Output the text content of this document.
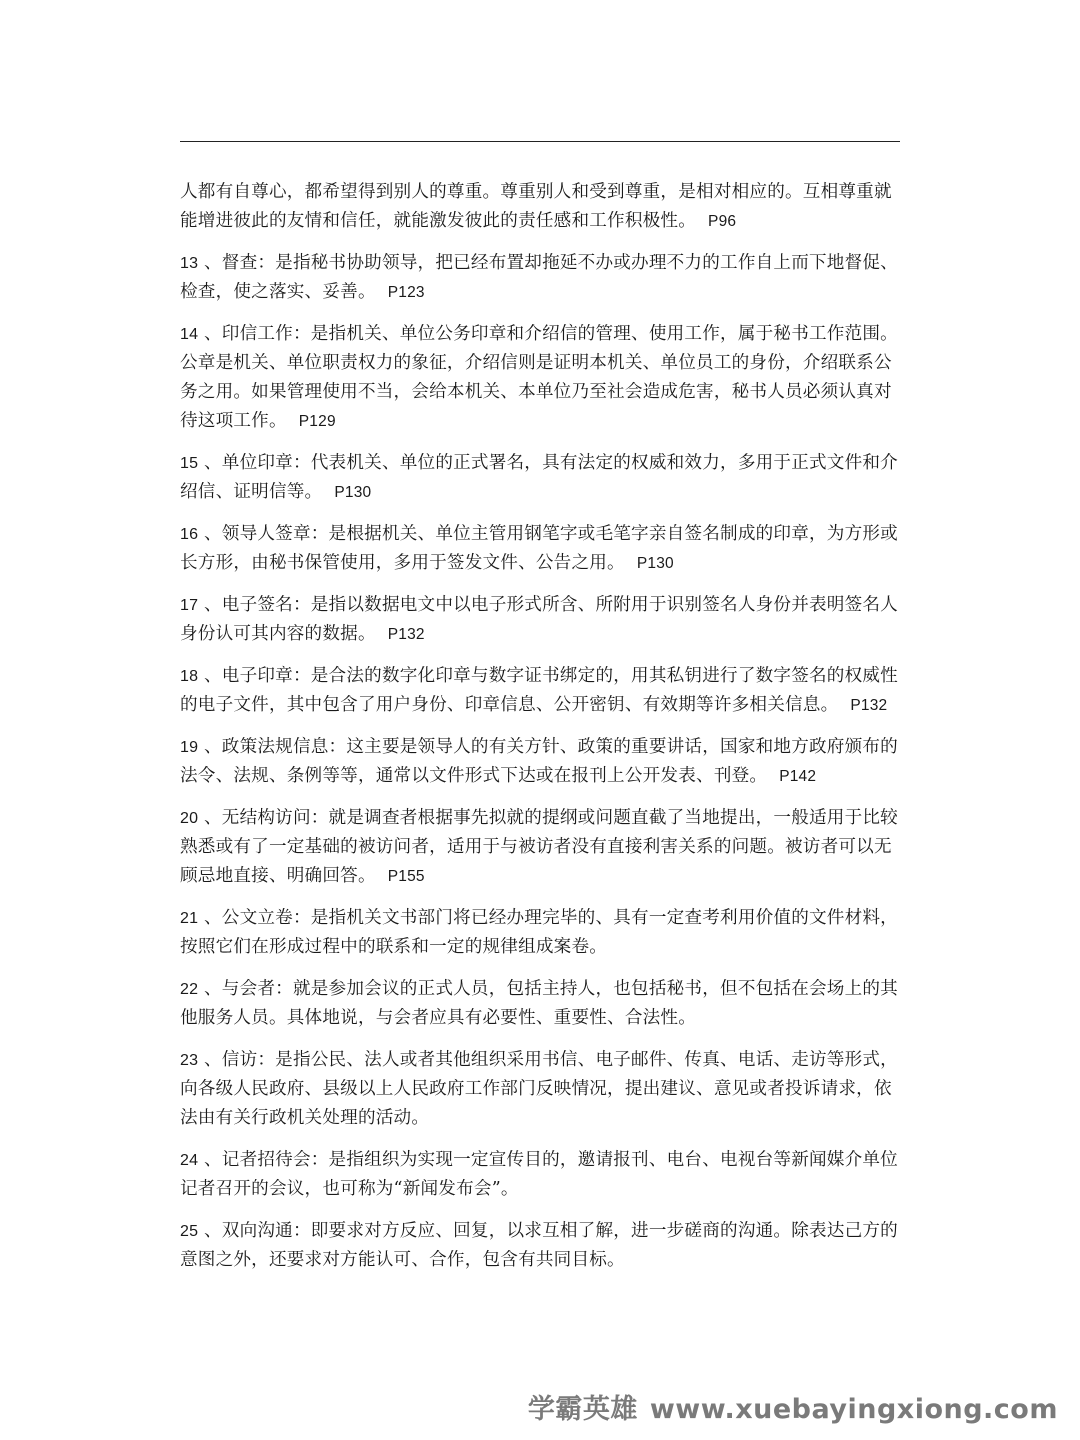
人都有自尊心，都希望得到别人的尊重。尊重别人和受到尊重，是相对相应的。互相尊重就能增进彼此的友情和信任，就能激发彼此的责任感和工作积极性。 P96

13 、督查：是指秘书协助领导，把已经布置却拖延不办或办理不力的工作自上而下地督促、检查，使之落实、妥善。 P123

14 、印信工作：是指机关、单位公务印章和介绍信的管理、使用工作，属于秘书工作范围。公章是机关、单位职责权力的象征，介绍信则是证明本机关、单位员工的身份，介绍联系公务之用。如果管理使用不当，会给本机关、本单位乃至社会造成危害，秘书人员必须认真对待这项工作。 P129

15 、单位印章：代表机关、单位的正式署名，具有法定的权威和效力，多用于正式文件和介绍信、证明信等。 P130

16 、领导人签章：是根据机关、单位主管用钢笔字或毛笔字亲自签名制成的印章，为方形或长方形，由秘书保管使用，多用于签发文件、公告之用。 P130

17 、电子签名：是指以数据电文中以电子形式所含、所附用于识别签名人身份并表明签名人身份认可其内容的数据。 P132

18 、电子印章：是合法的数字化印章与数字证书绑定的，用其私钥进行了数字签名的权威性的电子文件，其中包含了用户身份、印章信息、公开密钥、有效期等许多相关信息。 P132

19 、政策法规信息：这主要是领导人的有关方针、政策的重要讲话，国家和地方政府颁布的法令、法规、条例等等，通常以文件形式下达或在报刊上公开发表、刊登。 P142

20 、无结构访问：就是调查者根据事先拟就的提纲或问题直截了当地提出，一般适用于比较熟悉或有了一定基础的被访问者，适用于与被访者没有直接利害关系的问题。被访者可以无顾忌地直接、明确回答。 P155

21 、公文立卷：是指机关文书部门将已经办理完毕的、具有一定查考利用价值的文件材料，按照它们在形成过程中的联系和一定的规律组成案卷。

22 、与会者：就是参加会议的正式人员，包括主持人，也包括秘书，但不包括在会场上的其他服务人员。具体地说，与会者应具有必要性、重要性、合法性。

23 、信访：是指公民、法人或者其他组织采用书信、电子邮件、传真、电话、走访等形式，向各级人民政府、县级以上人民政府工作部门反映情况，提出建议、意见或者投诉请求，依法由有关行政机关处理的活动。

24 、记者招待会：是指组织为实现一定宣传目的，邀请报刊、电台、电视台等新闻媒介单位记者召开的会议，也可称为“新闻发布会”。

25 、双向沟通：即要求对方反应、回复，以求互相了解，进一步磋商的沟通。除表达己方的意图之外，还要求对方能认可、合作，包含有共同目标。

学霸英雄 www.xuebayingxiong.com
